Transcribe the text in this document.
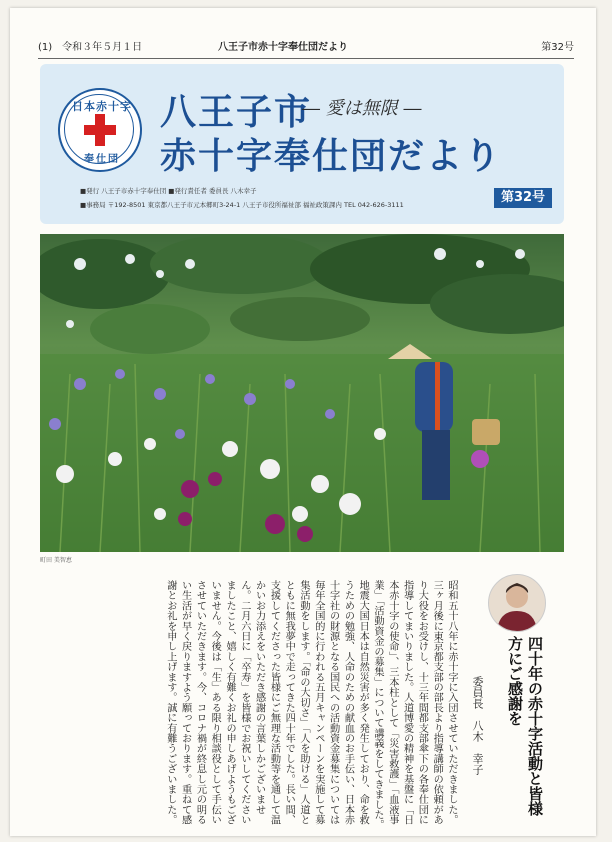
(1)　令和３年５月１日	八王子市赤十字奉仕団だより	第32号
日本赤十字
奉仕団
八王子市
― 愛は無限 ―
赤十字奉仕団だより
■発行 八王子市赤十字奉仕団 ■発行責任者 委員長 八木幸子
■事務局 〒192-8501 東京都八王子市元本郷町3-24-1 八王子市役所福祉部 福祉政策課内 TEL 042-626-3111	第32号
町田 美智恵
四十年の赤十字活動と皆様方にご感謝を
委員長　八木　幸子
昭和五十八年に赤十字に入団させていただきました。三ヶ月後に東京都支部の部長より指導講師の依頼があり大役をお受けし、十三年間都支部傘下の各奉仕団に指導してまいりました。人道博愛の精神を基盤に「日本赤十字の使命」、三本柱として「災害救護」「血液事業」「活動資金の募集」について講義をしてきました。地震大国日本は自然災害が多く発生しており、命を救うための勉強、人命のための献血のお手伝い、日本赤十字社の財源となる国民への活動資金募集については毎年全国的に行われる五月キャンペーンを実施して募集活動をします。「命の大切さ」「人を助ける」人道とともに無我夢中で走ってきた四十年でした。長い間、支援してくださった皆様にご無理な活動等を通して温かいお力添えをいただき感謝の言葉しかございません。二月六日に「卒寿」を皆様でお祝いしてくださいましたこと、嬉しく有難くお礼の申しあげようもございません。今後は「生」ある限り相談役として手伝いさせていただきます。今、コロナ禍が終息し元の明るい生活が早く戻りますよう願っております。重ねて感謝とお礼を申し上げます。誠に有難うございました。
